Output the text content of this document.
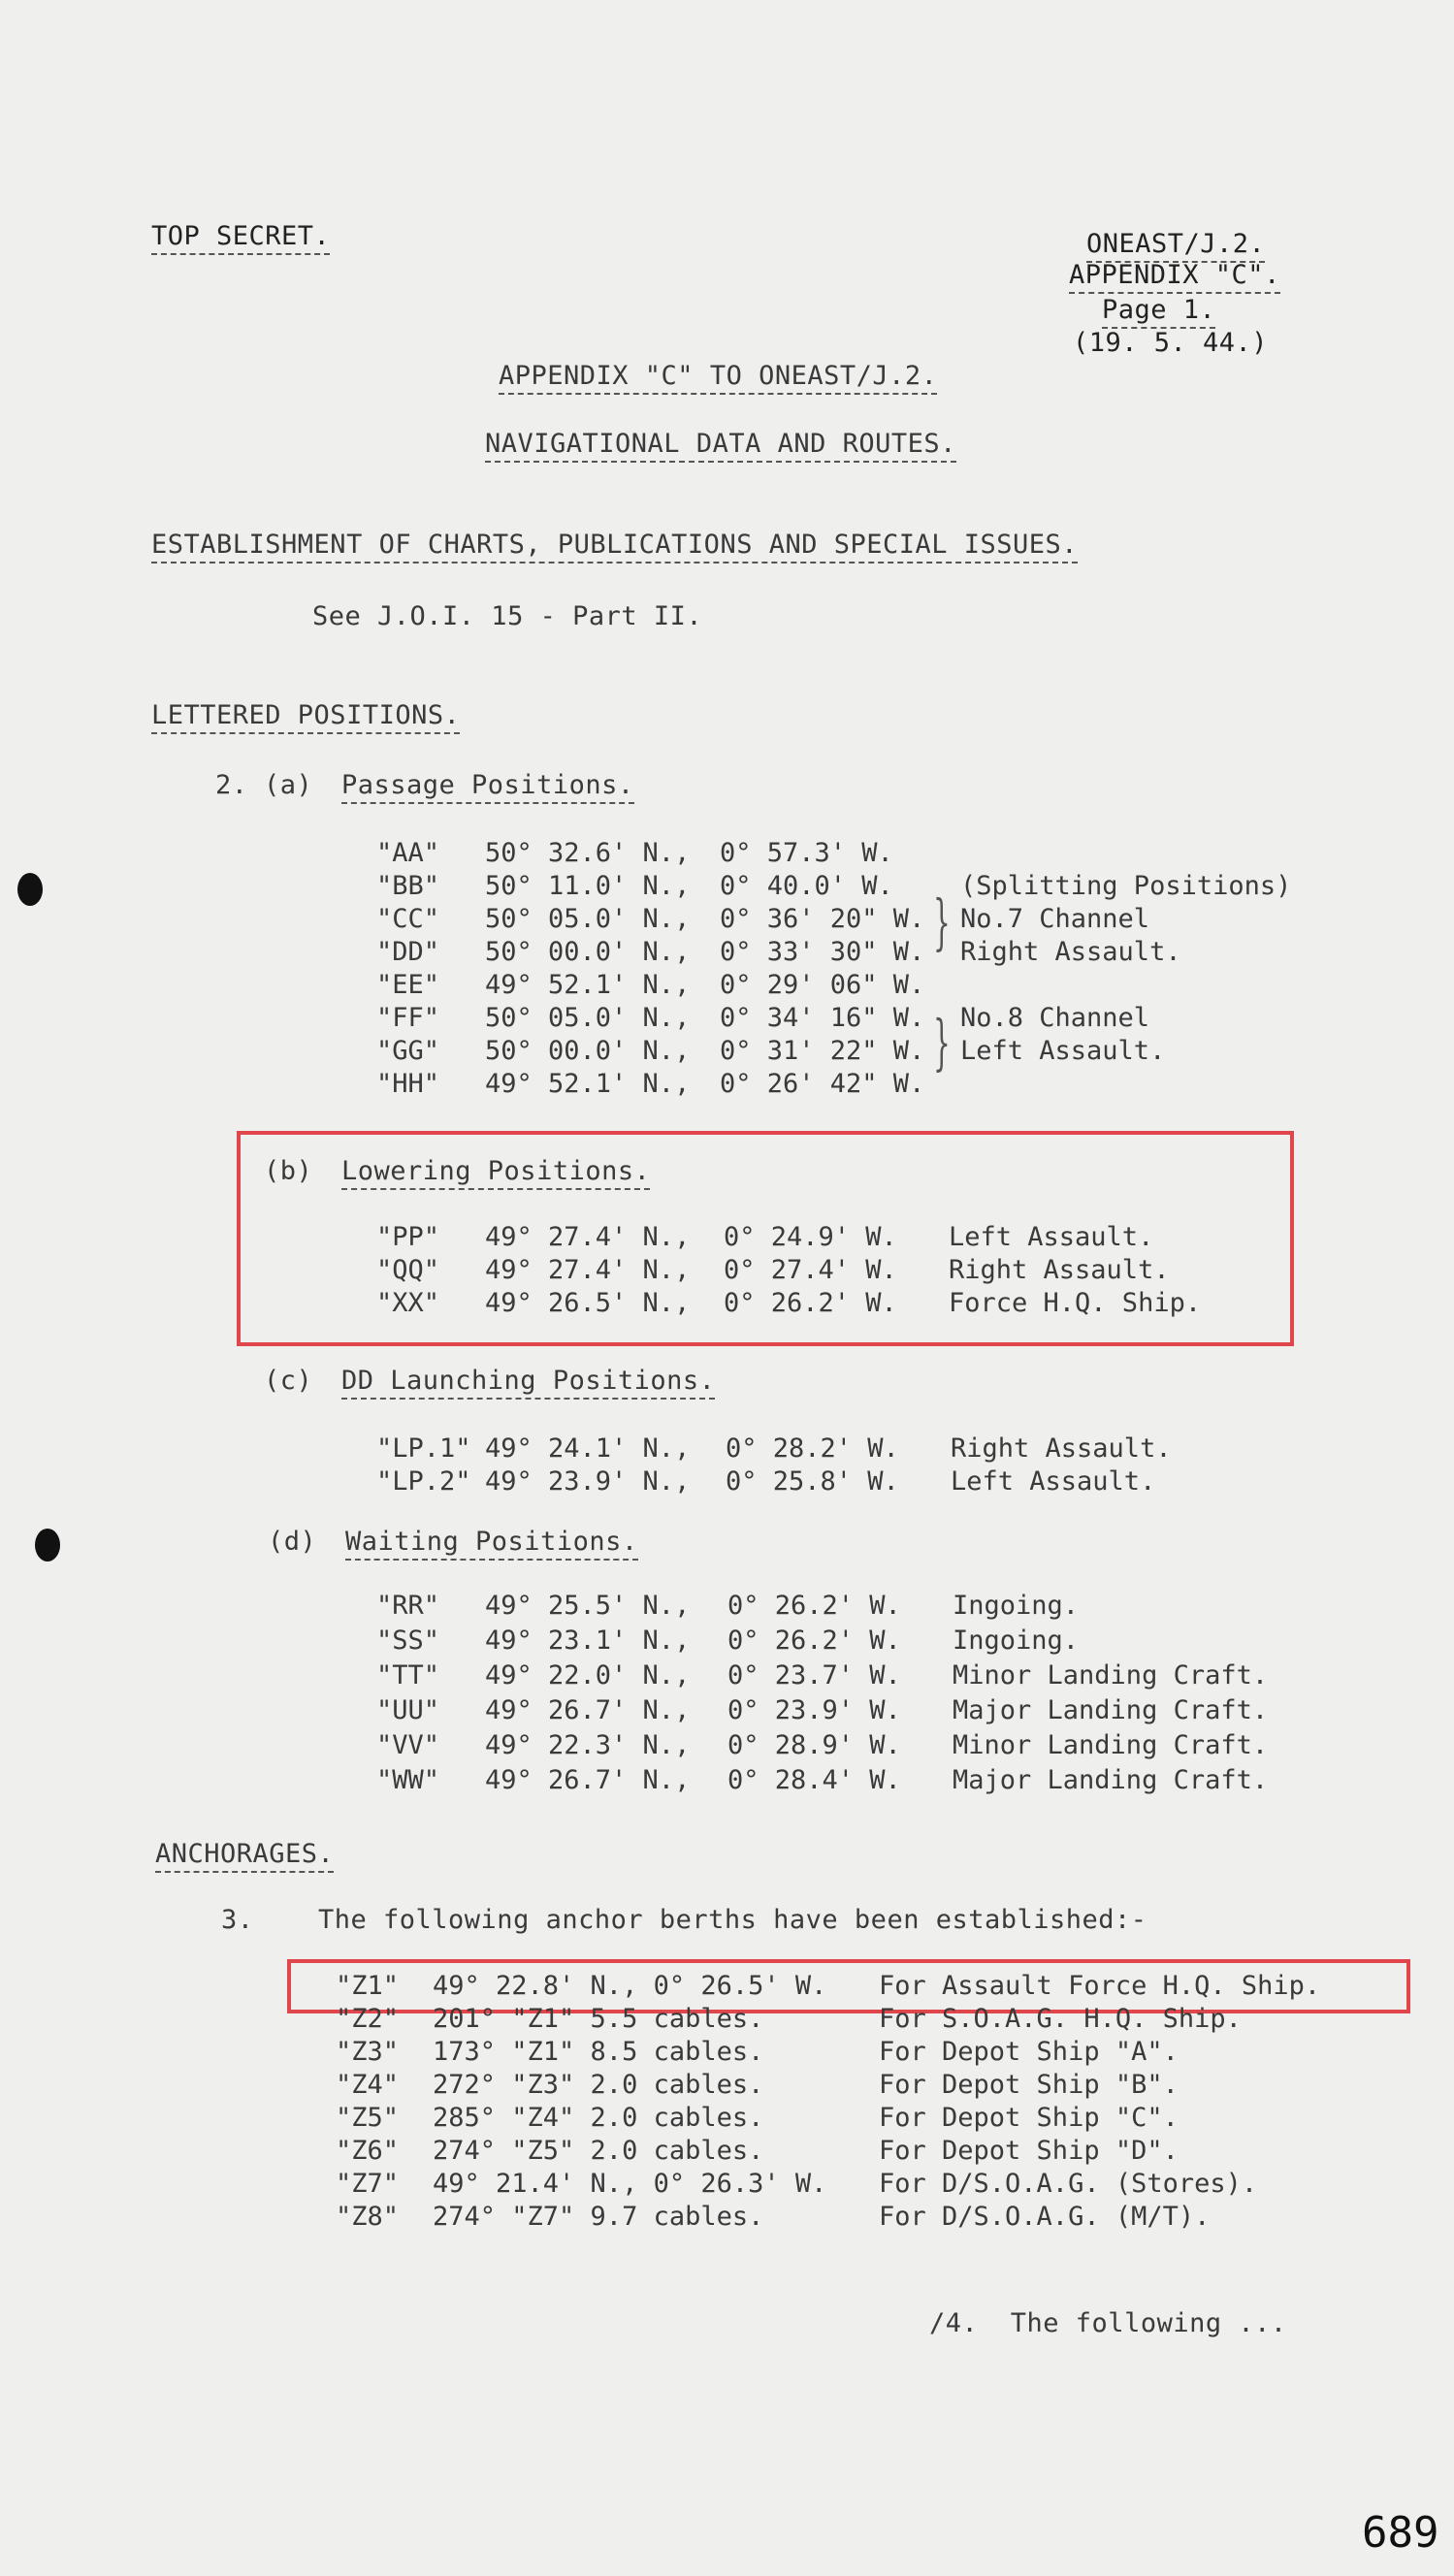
TOP SECRET.	ONEAST/J.2.
APPENDIX "C".
Page 1.
(19. 5. 44.)
APPENDIX "C" TO ONEAST/J.2.
NAVIGATIONAL DATA AND ROUTES.
ESTABLISHMENT OF CHARTS, PUBLICATIONS AND SPECIAL ISSUES.
See J.O.I. 15 - Part II.
LETTERED POSITIONS.
2. (a) Passage Positions.
"AA" 50° 32.6' N., 0° 57.3' W.
"BB" 50° 11.0' N., 0° 40.0' W.	(Splitting Positions)
"CC" 50° 05.0' N., 0° 36' 20" W. No.7 Channel
"DD" 50° 00.0' N., 0° 33' 30" W. Right Assault.
"EE" 49° 52.1' N., 0° 29' 06" W.
"FF" 50° 05.0' N., 0° 34' 16" W. No.8 Channel
"GG" 50° 00.0' N., 0° 31' 22" W. Left Assault.
"HH" 49° 52.1' N., 0° 26' 42" W.
}
}
(b) Lowering Positions.
"PP" 49° 27.4' N., 0° 24.9' W. Left Assault.
"QQ" 49° 27.4' N., 0° 27.4' W. Right Assault.
"XX" 49° 26.5' N., 0° 26.2' W. Force H.Q. Ship.
(c) DD Launching Positions.
"LP.1" 49° 24.1' N., 0° 28.2' W. Right Assault.
"LP.2" 49° 23.9' N., 0° 25.8' W. Left Assault.
(d) Waiting Positions.
"RR" 49° 25.5' N., 0° 26.2' W. Ingoing.
"SS" 49° 23.1' N., 0° 26.2' W. Ingoing.
"TT" 49° 22.0' N., 0° 23.7' W. Minor Landing Craft.
"UU" 49° 26.7' N., 0° 23.9' W. Major Landing Craft.
"VV" 49° 22.3' N., 0° 28.9' W. Minor Landing Craft.
"WW" 49° 26.7' N., 0° 28.4' W. Major Landing Craft.
ANCHORAGES.
3. The following anchor berths have been established:-
"Z1" 49° 22.8' N., 0° 26.5' W. For Assault Force H.Q. Ship.
"Z2" 201° "Z1" 5.5 cables.	For S.O.A.G. H.Q. Ship.
"Z3" 173° "Z1" 8.5 cables.	For Depot Ship "A".
"Z4" 272° "Z3" 2.0 cables.	For Depot Ship "B".
"Z5" 285° "Z4" 2.0 cables.	For Depot Ship "C".
"Z6" 274° "Z5" 2.0 cables.	For Depot Ship "D".
"Z7" 49° 21.4' N., 0° 26.3' W. For D/S.O.A.G. (Stores).
"Z8" 274° "Z7" 9.7 cables.	For D/S.O.A.G. (M/T).
/4.  The following ...
689
